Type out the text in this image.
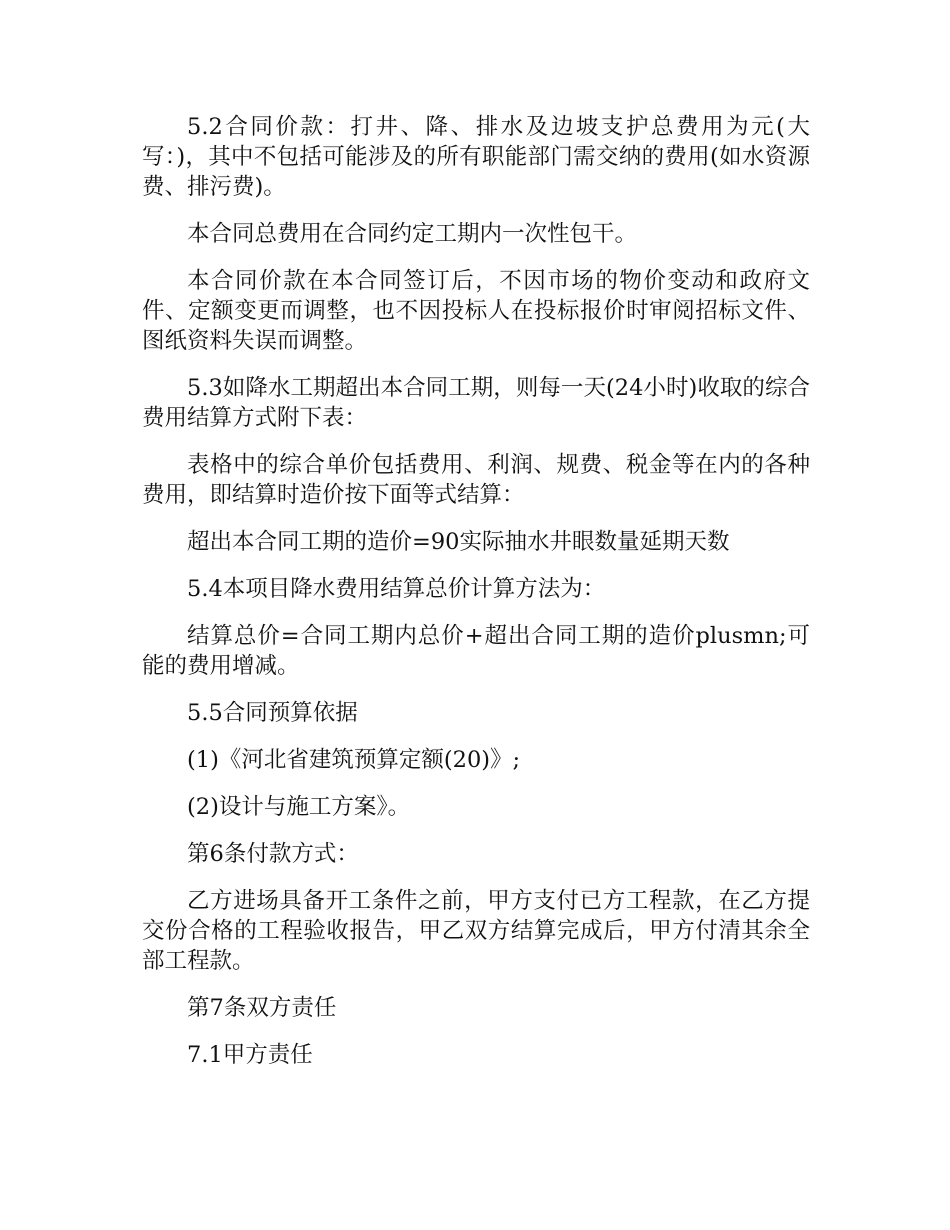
5.2合同价款：打井、降、排水及边坡支护总费用为元(大写：)，其中不包括可能涉及的所有职能部门需交纳的费用(如水资源费、排污费)。

本合同总费用在合同约定工期内一次性包干。

本合同价款在本合同签订后，不因市场的物价变动和政府文件、定额变更而调整，也不因投标人在投标报价时审阅招标文件、图纸资料失误而调整。

5.3如降水工期超出本合同工期，则每一天(24小时)收取的综合费用结算方式附下表：

表格中的综合单价包括费用、利润、规费、税金等在内的各种费用，即结算时造价按下面等式结算：

超出本合同工期的造价=90实际抽水井眼数量延期天数

5.4本项目降水费用结算总价计算方法为：

结算总价=合同工期内总价+超出合同工期的造价plusmn;可能的费用增减。

5.5合同预算依据

(1)《河北省建筑预算定额(20)》;

(2)设计与施工方案》。

第6条付款方式：

乙方进场具备开工条件之前，甲方支付已方工程款，在乙方提交份合格的工程验收报告，甲乙双方结算完成后，甲方付清其余全部工程款。

第7条双方责任

7.1甲方责任
